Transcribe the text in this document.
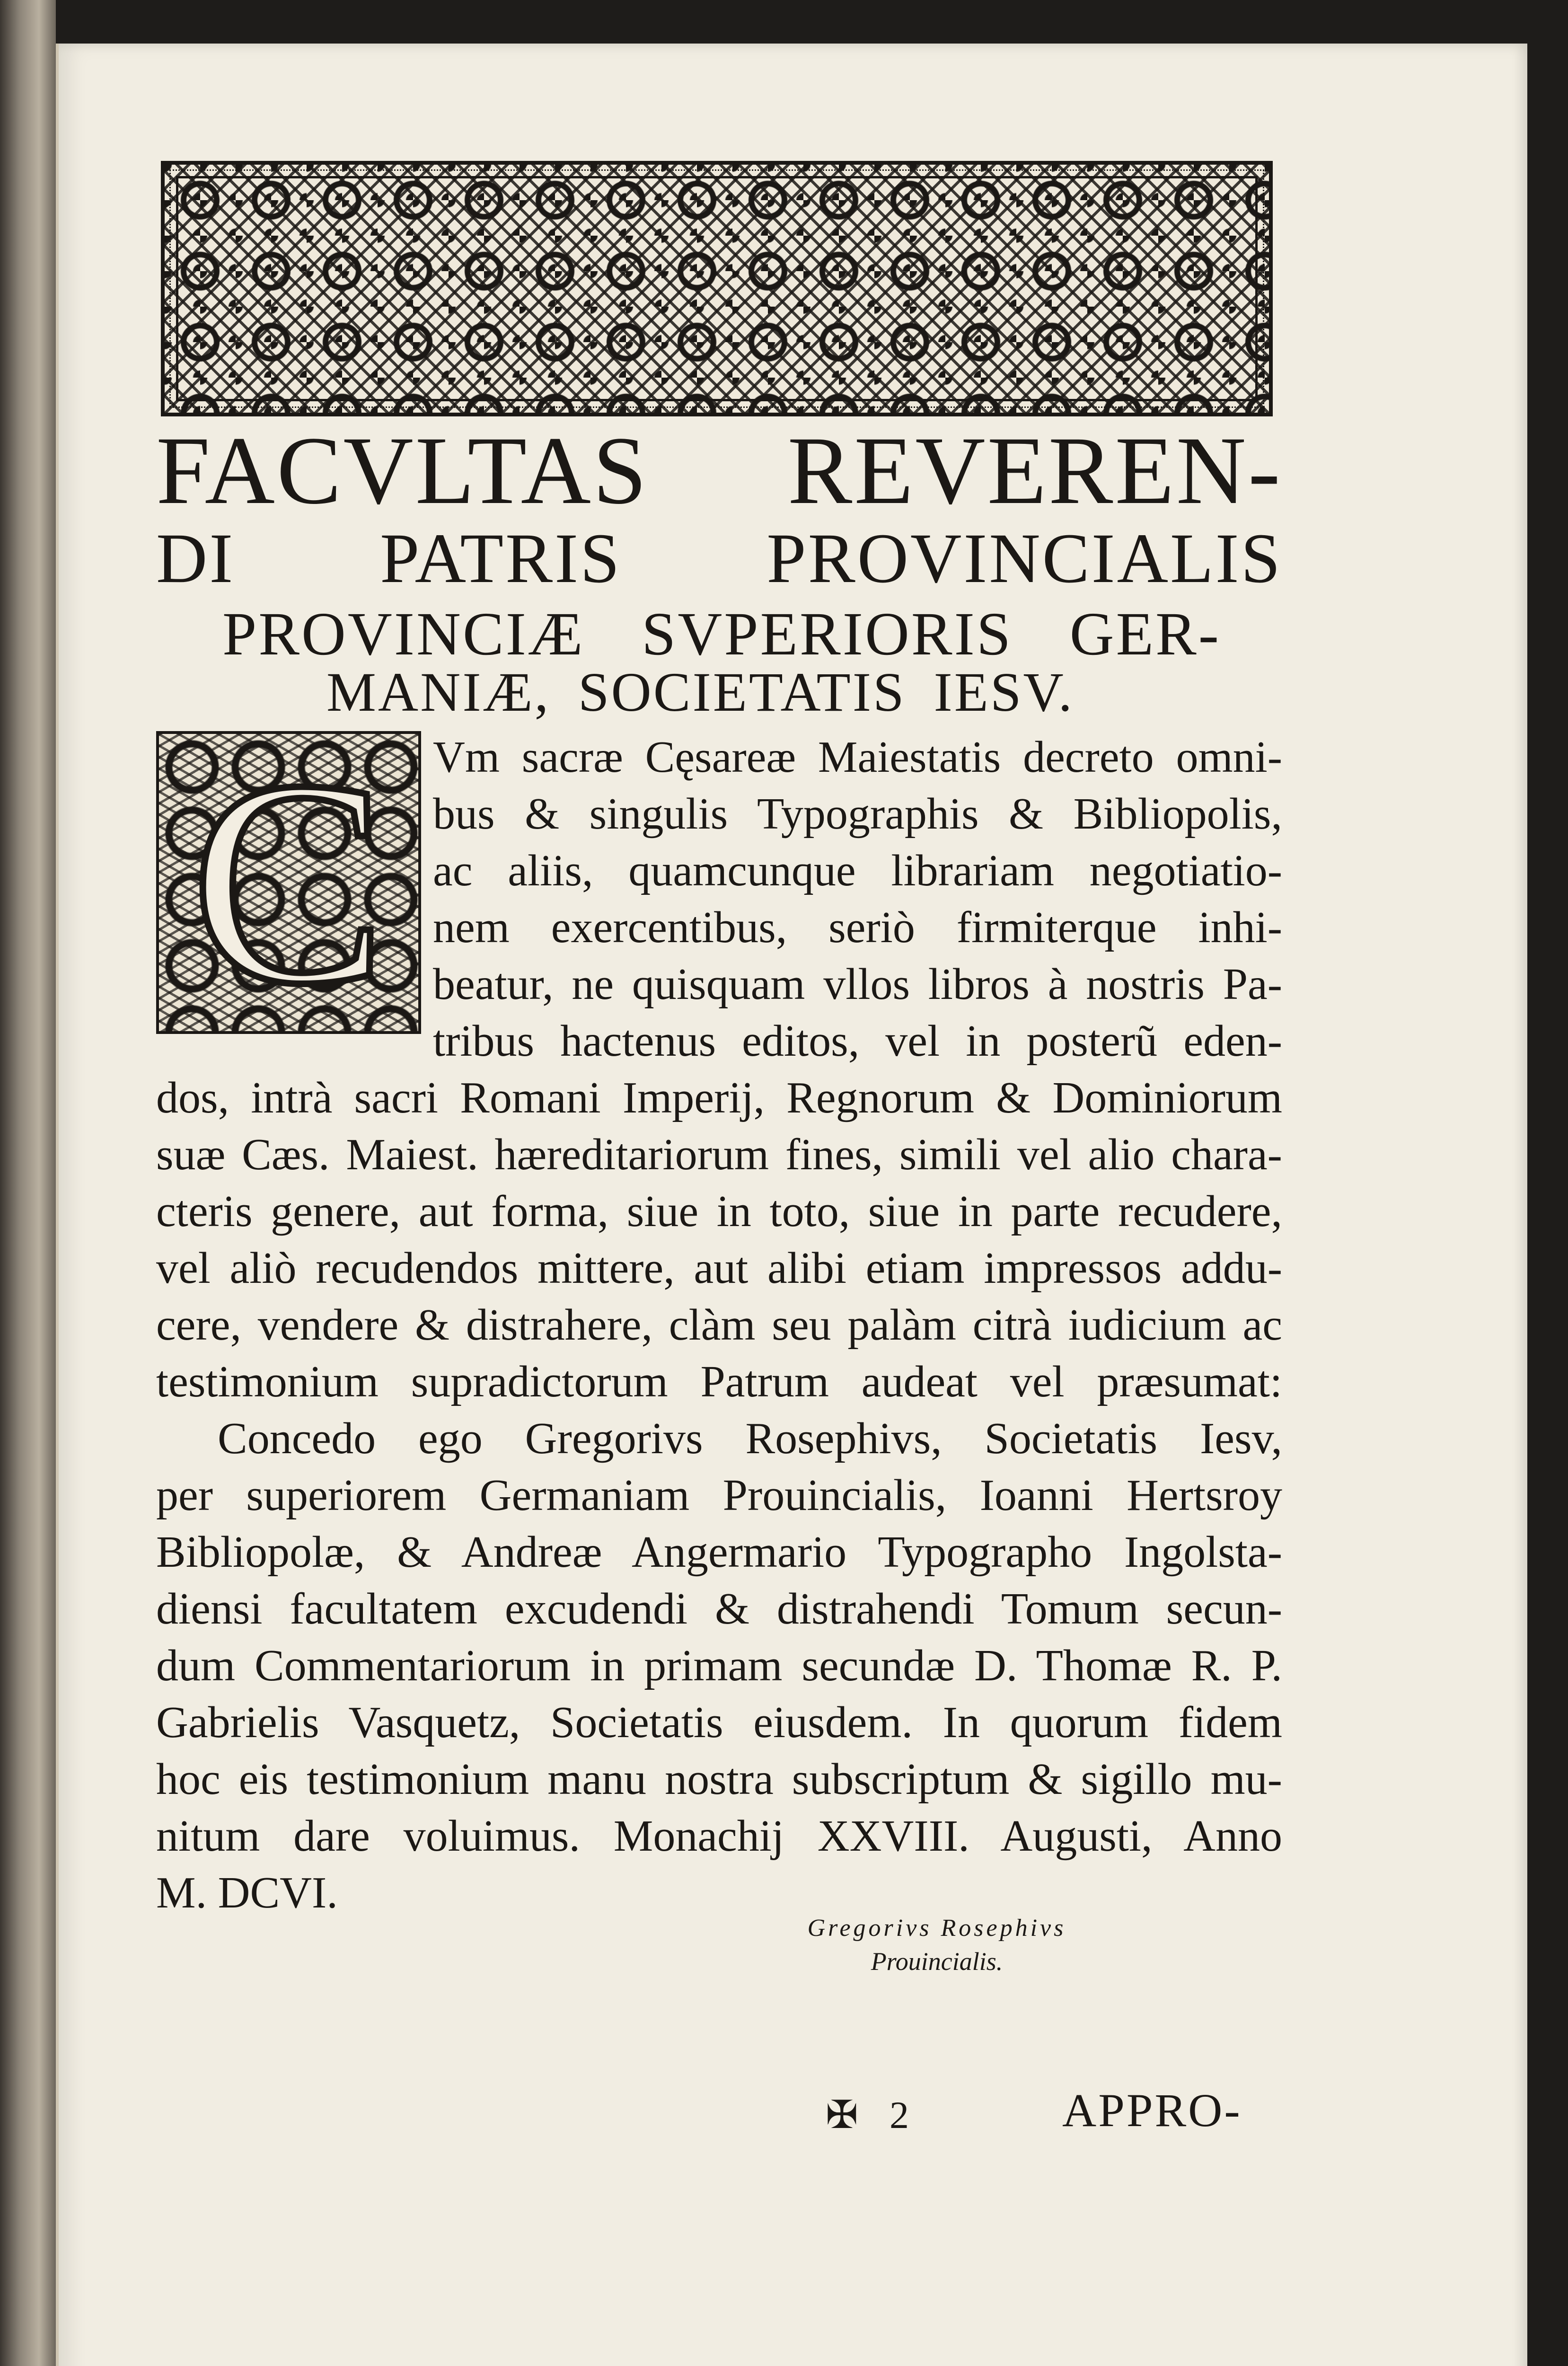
FACVLTAS REVEREN-
DI PATRIS PROVINCIALIS
PROVINCIÆ SVPERIORIS GER-
MANIÆ, SOCIETATIS IESV.
C Vm sacræ Cęsareæ Maiestatis decreto omni-
bus & singulis Typographis & Bibliopolis,
ac aliis, quamcunque librariam negotiatio-
nem exercentibus, seriò firmiterque inhi-
beatur, ne quisquam vllos libros à nostris Pa-
tribus hactenus editos, vel in posterũ eden-
dos, intrà sacri Romani Imperij, Regnorum & Dominiorum
suæ Cæs. Maiest. hæreditariorum fines, simili vel alio chara-
cteris genere, aut forma, siue in toto, siue in parte recudere,
vel aliò recudendos mittere, aut alibi etiam impressos addu-
cere, vendere & distrahere, clàm seu palàm citrà iudicium ac
testimonium supradictorum Patrum audeat vel præsumat:
Concedo ego Gregorivs Rosephivs, Societatis Iesv,
per superiorem Germaniam Prouincialis, Ioanni Hertsroy
Bibliopolæ, & Andreæ Angermario Typographo Ingolsta-
diensi facultatem excudendi & distrahendi Tomum secun-
dum Commentariorum in primam secundæ D. Thomæ R. P.
Gabrielis Vasquetz, Societatis eiusdem. In quorum fidem
hoc eis testimonium manu nostra subscriptum & sigillo mu-
nitum dare voluimus. Monachij XXVIII. Augusti, Anno
M. DCVI.
Gregorivs Rosephivs
Prouincialis.
✠ 2	APPRO-
